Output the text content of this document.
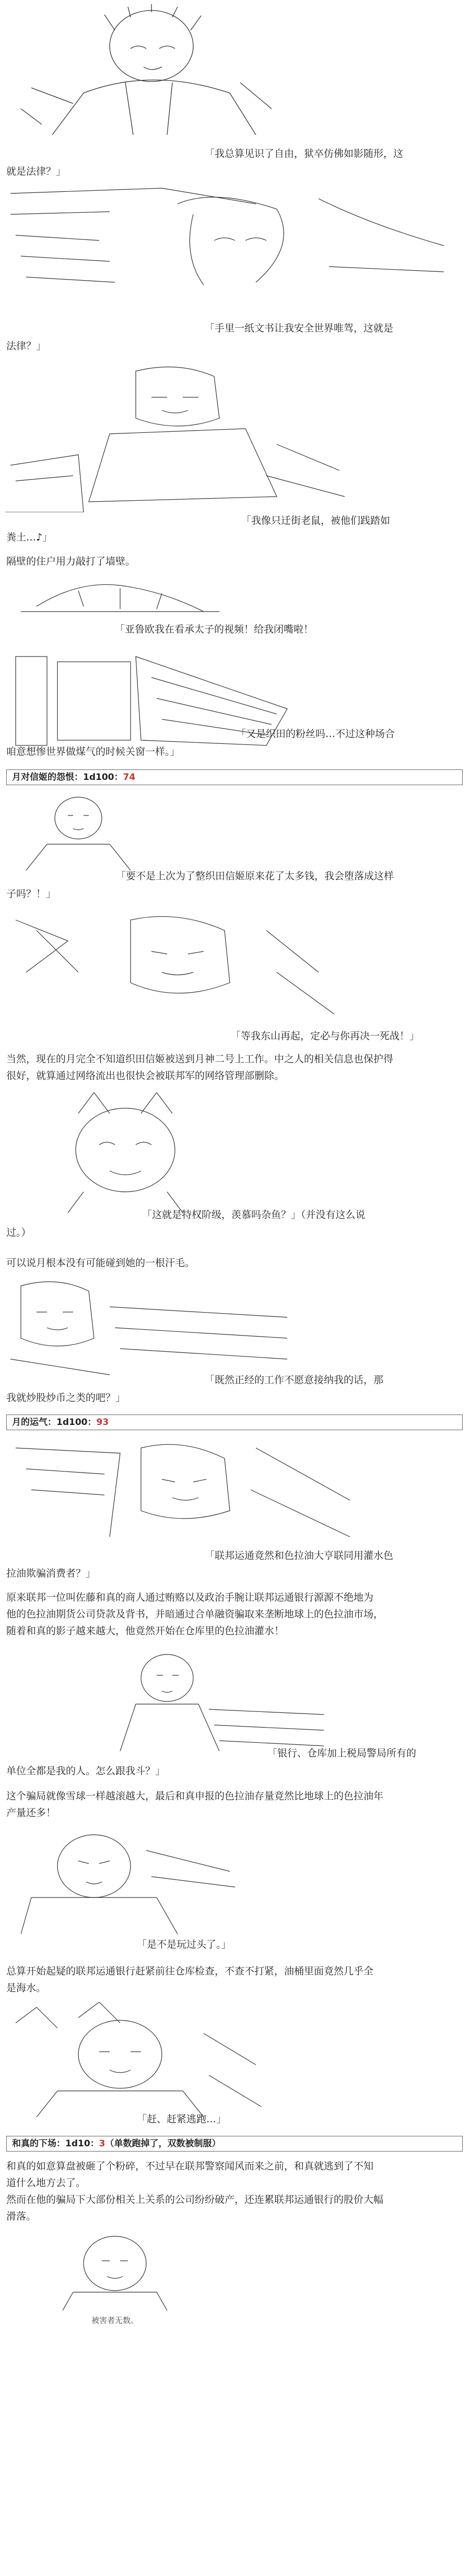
「我总算见识了自由，狱卒仿佛如影随形，这
就是法律？」
「手里一纸文书让我安全世界唯驾，这就是
法律？」
「我像只迁街老鼠，被他们践踏如
粪土…♪」
隔壁的住户用力敲打了墙壁。
「亚鲁欧我在看承太子的视频！给我闭嘴啦！
「又是织田的粉丝吗…不过这种场合
咱意想惨世界做煤气的时候关窗一样。」
月对信姬的怨恨：1d100：74
「要不是上次为了整织田信姬原来花了太多钱，我会堕落成这样
子吗？！」
「等我东山再起，定必与你再决一死战！」
当然，现在的月完全不知道织田信姬被送到月神二号上工作。中之人的相关信息也保护得
很好，就算通过网络流出也很快会被联邦军的网络管理部删除。
「这就是特权阶级，羡慕吗杂鱼？」（并没有这么说
过。）
可以说月根本没有可能碰到她的一根汗毛。
「既然正经的工作不愿意接纳我的话，那
我就炒股炒币之类的吧？」
月的运气：1d100：93
「联邦运通竟然和色拉油大亨联同用灌水色
拉油欺骗消费者？」
原来联邦一位叫佐藤和真的商人通过贿赂以及政治手腕让联邦运通银行源源不绝地为
他的色拉油期货公司贷款及背书，并暗通过合单融资骗取来垄断地球上的色拉油市场，
随着和真的影子越来越大，他竟然开始在仓库里的色拉油灌水！
「银行、仓库加上税局警局所有的
单位全都是我的人。怎么跟我斗？」
这个骗局就像雪球一样越滚越大，最后和真申报的色拉油存量竟然比地球上的色拉油年
产量还多！
「是不是玩过头了。」
总算开始起疑的联邦运通银行赶紧前往仓库检查，不查不打紧，油桶里面竟然几乎全
是海水。
「赶、赶紧逃跑…」
和真的下场：1d10：3（单数跑掉了，双数被制服）
和真的如意算盘被砸了个粉碎，不过早在联邦警察闻风而来之前，和真就逃到了不知
道什么地方去了。
然而在他的骗局下大部份相关上关系的公司纷纷破产，还连累联邦运通银行的股价大幅
滑落。
被害者无数。
